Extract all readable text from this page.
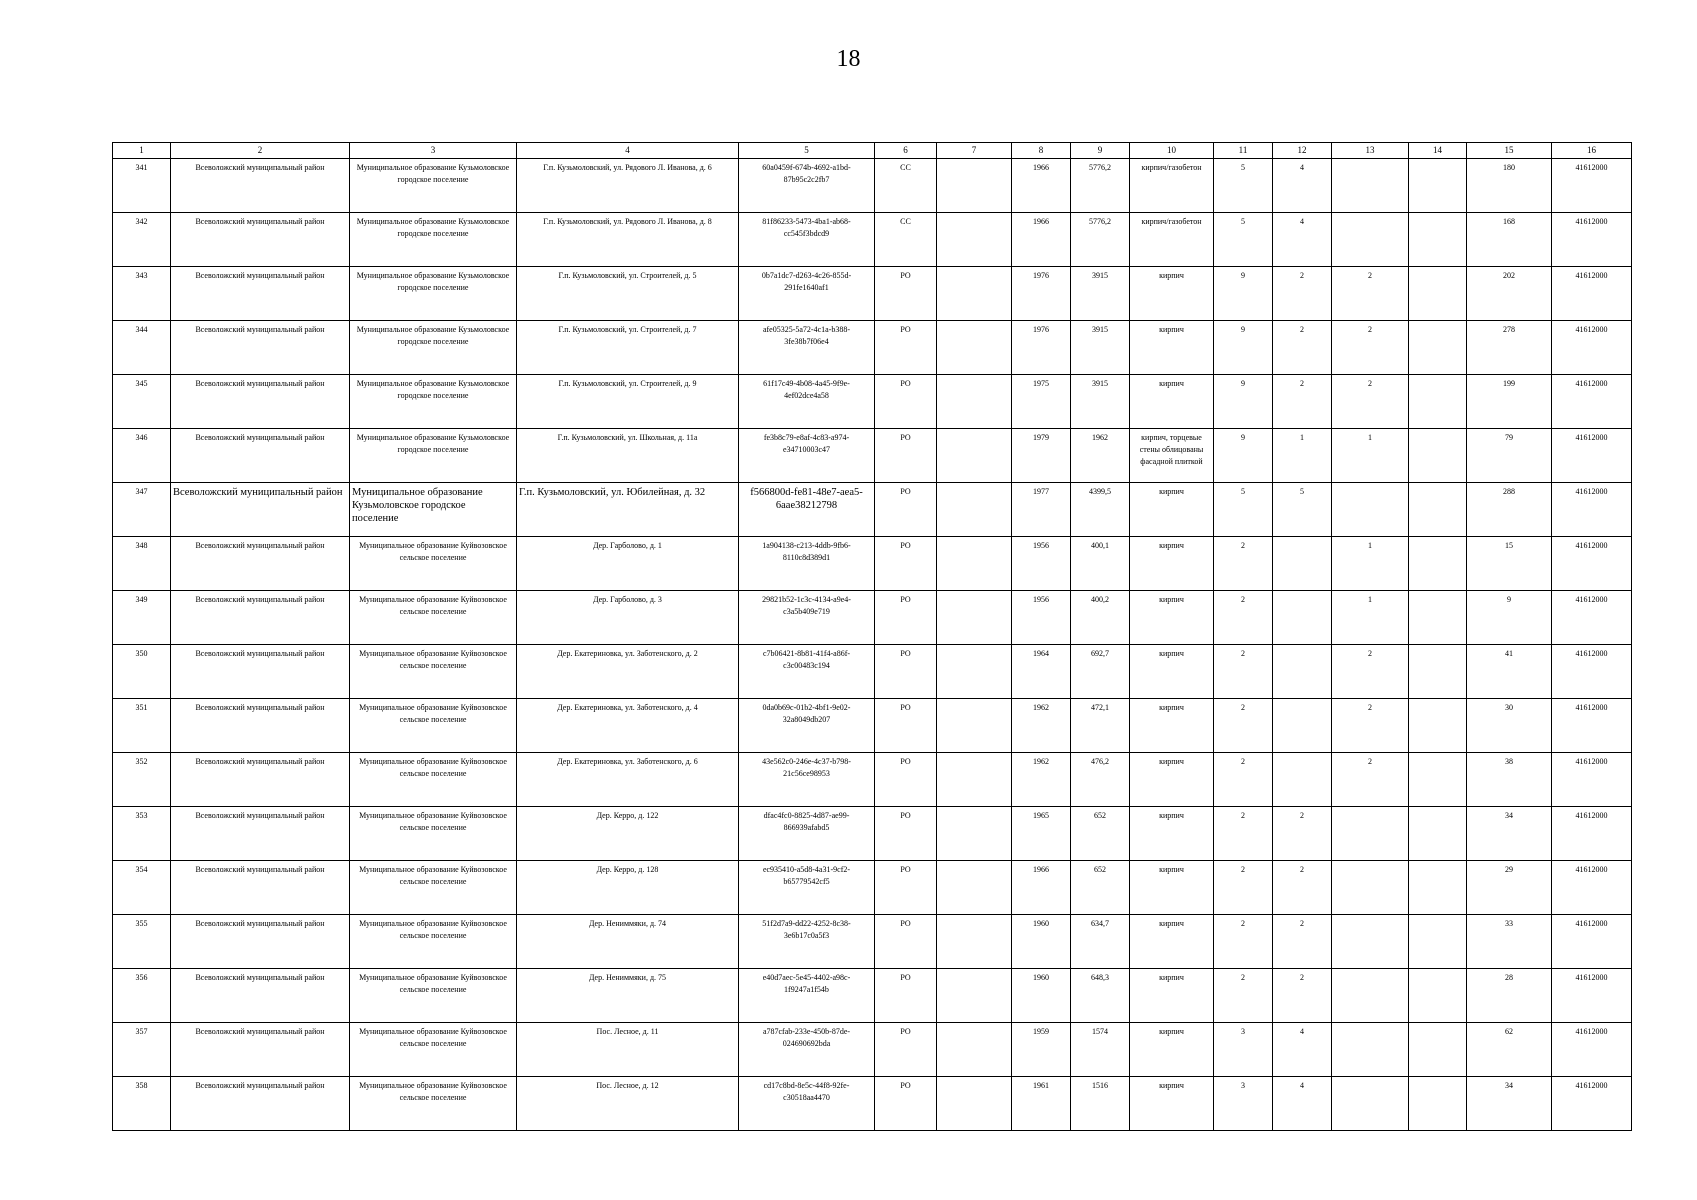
18
1	2	3	4	5	6	7	8	9	10	11	12	13	14	15	16
341	Всеволожский муниципальный район	Муниципальное образование Кузьмоловское городское поселение	Г.п. Кузьмоловский, ул. Рядового Л. Иванова, д. 6	60a0459f-674b-4692-a1bd-87b95c2c2fb7	СС		1966	5776,2	кирпич/газобетон	5	4			180	41612000
342	Всеволожский муниципальный район	Муниципальное образование Кузьмоловское городское поселение	Г.п. Кузьмоловский, ул. Рядового Л. Иванова, д. 8	81f86233-5473-4ba1-ab68-cc545f3bdcd9	СС		1966	5776,2	кирпич/газобетон	5	4			168	41612000
343	Всеволожский муниципальный район	Муниципальное образование Кузьмоловское городское поселение	Г.п. Кузьмоловский, ул. Строителей, д. 5	0b7a1dc7-d263-4c26-855d-291fe1640af1	РО		1976	3915	кирпич	9	2	2		202	41612000
344	Всеволожский муниципальный район	Муниципальное образование Кузьмоловское городское поселение	Г.п. Кузьмоловский, ул. Строителей, д. 7	afe05325-5a72-4c1a-b388-3fe38b7f06e4	РО		1976	3915	кирпич	9	2	2		278	41612000
345	Всеволожский муниципальный район	Муниципальное образование Кузьмоловское городское поселение	Г.п. Кузьмоловский, ул. Строителей, д. 9	61f17c49-4b08-4a45-9f9e-4ef02dce4a58	РО		1975	3915	кирпич	9	2	2		199	41612000
346	Всеволожский муниципальный район	Муниципальное образование Кузьмоловское городское поселение	Г.п. Кузьмоловский, ул. Школьная, д. 11а	fe3b8c79-e8af-4c83-a974-e34710003c47	РО		1979	1962	кирпич, торцевые стены облицованы фасадной плиткой	9	1	1		79	41612000
347	Всеволожский муниципальный район	Муниципальное образование Кузьмоловское городское поселение	Г.п. Кузьмоловский, ул. Юбилейная, д. 32	f566800d-fe81-48e7-aea5-6aae38212798	РО		1977	4399,5	кирпич	5	5			288	41612000
348	Всеволожский муниципальный район	Муниципальное образование Куйвозовское сельское поселение	Дер. Гарболово, д. 1	1a904138-c213-4ddb-9fb6-8110c8d389d1	РО		1956	400,1	кирпич	2		1		15	41612000
349	Всеволожский муниципальный район	Муниципальное образование Куйвозовское сельское поселение	Дер. Гарболово, д. 3	29821b52-1c3c-4134-a9e4-c3a5b409e719	РО		1956	400,2	кирпич	2		1		9	41612000
350	Всеволожский муниципальный район	Муниципальное образование Куйвозовское сельское поселение	Дер. Екатериновка, ул. Заботенского, д. 2	c7b06421-8b81-41f4-a86f-c3c00483c194	РО		1964	692,7	кирпич	2		2		41	41612000
351	Всеволожский муниципальный район	Муниципальное образование Куйвозовское сельское поселение	Дер. Екатериновка, ул. Заботенского, д. 4	0da0b69c-01b2-4bf1-9e02-32a8049db207	РО		1962	472,1	кирпич	2		2		30	41612000
352	Всеволожский муниципальный район	Муниципальное образование Куйвозовское сельское поселение	Дер. Екатериновка, ул. Заботенского, д. 6	43e562c0-246e-4c37-b798-21c56ce98953	РО		1962	476,2	кирпич	2		2		38	41612000
353	Всеволожский муниципальный район	Муниципальное образование Куйвозовское сельское поселение	Дер. Керро, д. 122	dfac4fc0-8825-4d87-ae99-866939afabd5	РО		1965	652	кирпич	2	2			34	41612000
354	Всеволожский муниципальный район	Муниципальное образование Куйвозовское сельское поселение	Дер. Керро, д. 128	ec935410-a5d8-4a31-9cf2-b65779542cf5	РО		1966	652	кирпич	2	2			29	41612000
355	Всеволожский муниципальный район	Муниципальное образование Куйвозовское сельское поселение	Дер. Нениммяки, д. 74	51f2d7a9-dd22-4252-8c38-3e6b17c0a5f3	РО		1960	634,7	кирпич	2	2			33	41612000
356	Всеволожский муниципальный район	Муниципальное образование Куйвозовское сельское поселение	Дер. Нениммяки, д. 75	e40d7aec-5e45-4402-a98c-1f9247a1f54b	РО		1960	648,3	кирпич	2	2			28	41612000
357	Всеволожский муниципальный район	Муниципальное образование Куйвозовское сельское поселение	Пос. Лесное, д. 11	a787cfab-233e-450b-87de-024690692bda	РО		1959	1574	кирпич	3	4			62	41612000
358	Всеволожский муниципальный район	Муниципальное образование Куйвозовское сельское поселение	Пос. Лесное, д. 12	cd17c8bd-8e5c-44f8-92fe-c30518aa4470	РО		1961	1516	кирпич	3	4			34	41612000
